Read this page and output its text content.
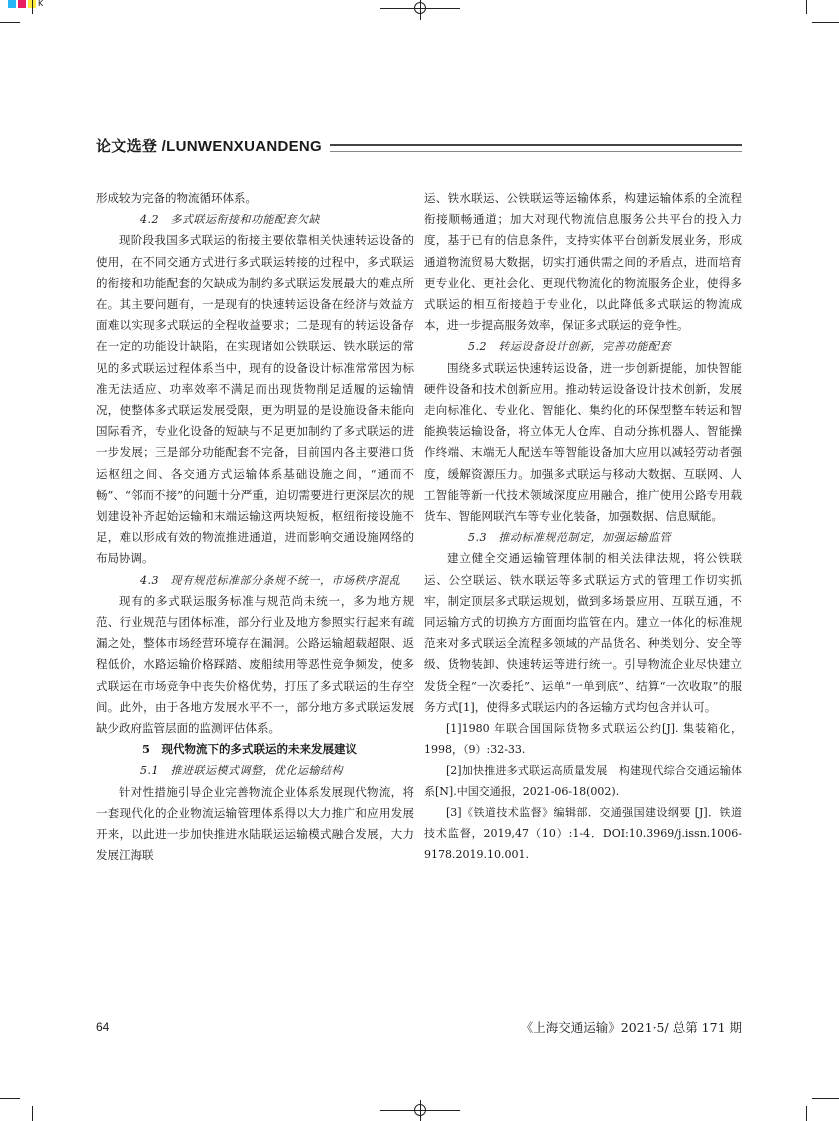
K
论文选登 /LUNWENXUANDENG

形成较为完备的物流循环体系。

4.2　多式联运衔接和功能配套欠缺

现阶段我国多式联运的衔接主要依靠相关快速转运设备的使用，在不同交通方式进行多式联运转接的过程中，多式联运的衔接和功能配套的欠缺成为制约多式联运发展最大的难点所在。其主要问题有，一是现有的快速转运设备在经济与效益方面难以实现多式联运的全程收益要求；二是现有的转运设备存在一定的功能设计缺陷，在实现诸如公铁联运、铁水联运的常见的多式联运过程体系当中，现有的设备设计标准常常因为标准无法适应、功率效率不满足而出现货物削足适履的运输情况，使整体多式联运发展受限，更为明显的是设施设备未能向国际看齐，专业化设备的短缺与不足更加制约了多式联运的进一步发展；三是部分功能配套不完备，目前国内各主要港口货运枢纽之间、各交通方式运输体系基础设施之间，“通而不畅”、“邻而不接”的问题十分严重，迫切需要进行更深层次的规划建设补齐起始运输和末端运输这两块短板，枢纽衔接设施不足，难以形成有效的物流推进通道，进而影响交通设施网络的布局协调。

4.3　现有规范标准部分条规不统一，市场秩序混乱

现有的多式联运服务标准与规范尚未统一，多为地方规范、行业规范与团体标准，部分行业及地方参照实行起来有疏漏之处，整体市场经营环境存在漏洞。公路运输超载超限、返程低价，水路运输价格踩踏、废船续用等恶性竞争频发，使多式联运在市场竞争中丧失价格优势，打压了多式联运的生存空间。此外，由于各地方发展水平不一，部分地方多式联运发展缺少政府监管层面的监测评估体系。

5　现代物流下的多式联运的未来发展建议

5.1　推进联运模式调整，优化运输结构

针对性措施引导企业完善物流企业体系发展现代物流，将一套现代化的企业物流运输管理体系得以大力推广和应用发展开来，以此进一步加快推进水陆联运运输模式融合发展，大力发展江海联

运、铁水联运、公铁联运等运输体系，构建运输体系的全流程衔接顺畅通道；加大对现代物流信息服务公共平台的投入力度，基于已有的信息条件，支持实体平台创新发展业务，形成通道物流贸易大数据，切实打通供需之间的矛盾点，进而培育更专业化、更社会化、更现代物流化的物流服务企业，使得多式联运的相互衔接趋于专业化，以此降低多式联运的物流成本，进一步提高服务效率，保证多式联运的竞争性。

5.2　转运设备设计创新，完善功能配套

围绕多式联运快速转运设备，进一步创新提能，加快智能硬件设备和技术创新应用。推动转运设备设计技术创新，发展走向标准化、专业化、智能化、集约化的环保型整车转运和智能换装运输设备，将立体无人仓库、自动分拣机器人、智能操作终端、末端无人配送车等智能设备加大应用以减轻劳动者强度，缓解资源压力。加强多式联运与移动大数据、互联网、人工智能等新一代技术领域深度应用融合，推广使用公路专用载货车、智能网联汽车等专业化装备，加强数据、信息赋能。

5.3　推动标准规范制定，加强运输监管

建立健全交通运输管理体制的相关法律法规，将公铁联运、公空联运、铁水联运等多式联运方式的管理工作切实抓牢，制定顶层多式联运规划，做到多场景应用、互联互通，不同运输方式的切换方方面面均监管在内。建立一体化的标准规范来对多式联运全流程多领域的产品货名、种类划分、安全等级、货物装卸、快速转运等进行统一。引导物流企业尽快建立发货全程“一次委托”、运单“一单到底”、结算“一次收取”的服务方式[1]，使得多式联运内的各运输方式均包含并认可。

[1]1980 年联合国国际货物多式联运公约[J]. 集装箱化，1998，（9）:32-33.

[2]加快推进多式联运高质量发展　构建现代综合交通运输体系[N].中国交通报，2021-06-18(002).

[3]《铁道技术监督》编辑部．交通强国建设纲要 [J]．铁道技术监督，2019,47（10）:1-4．DOI:10.3969/j.issn.1006-9178.2019.10.001.

64	《上海交通运输》2021·5/ 总第 171 期
